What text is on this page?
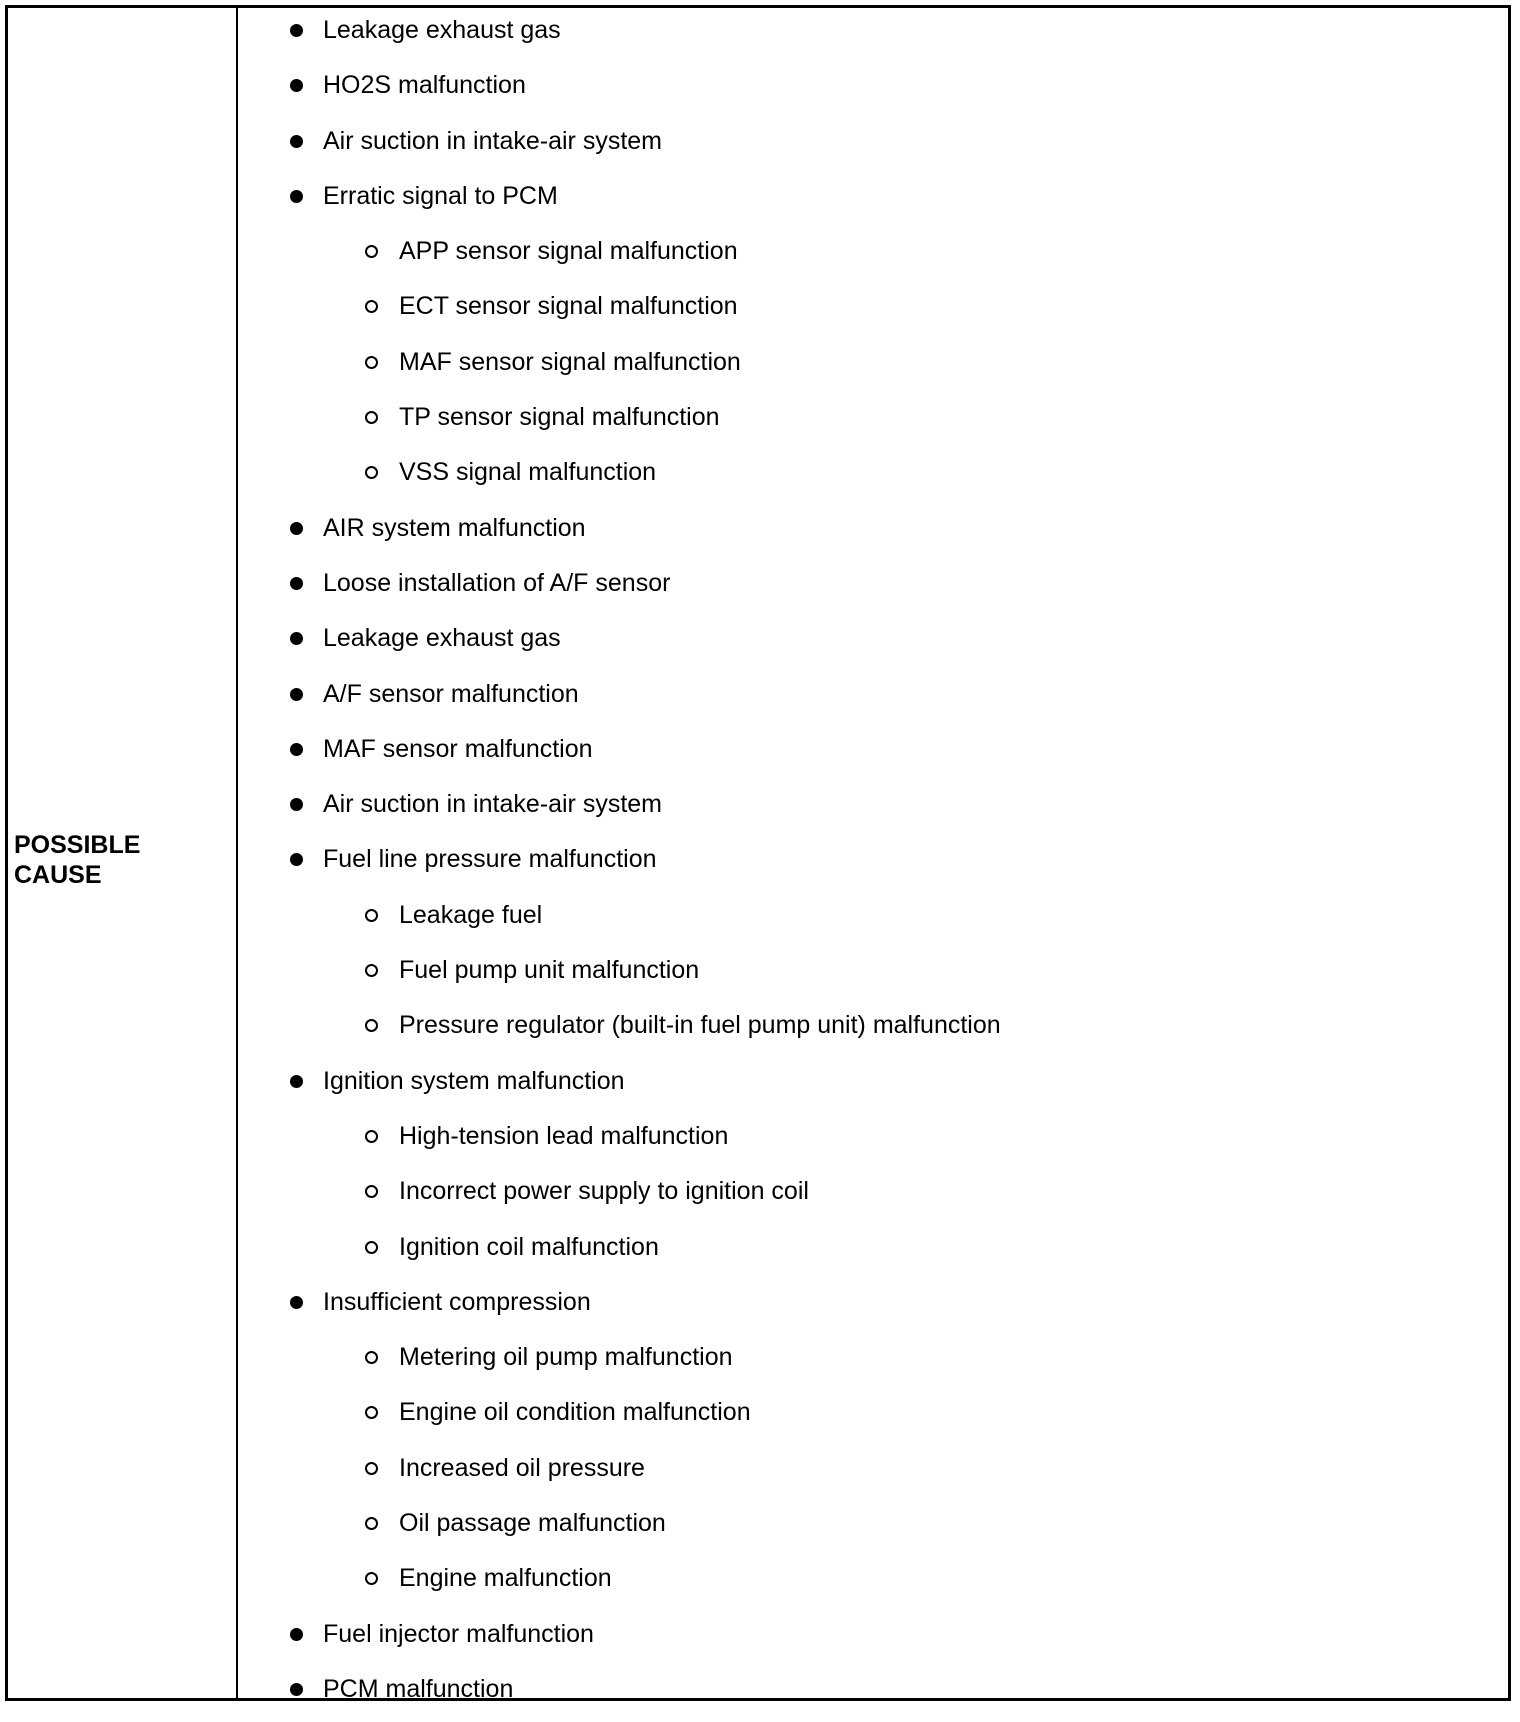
POSSIBLE CAUSE
Leakage exhaust gas
HO2S malfunction
Air suction in intake-air system
Erratic signal to PCM
APP sensor signal malfunction
ECT sensor signal malfunction
MAF sensor signal malfunction
TP sensor signal malfunction
VSS signal malfunction
AIR system malfunction
Loose installation of A/F sensor
Leakage exhaust gas
A/F sensor malfunction
MAF sensor malfunction
Air suction in intake-air system
Fuel line pressure malfunction
Leakage fuel
Fuel pump unit malfunction
Pressure regulator (built-in fuel pump unit) malfunction
Ignition system malfunction
High-tension lead malfunction
Incorrect power supply to ignition coil
Ignition coil malfunction
Insufficient compression
Metering oil pump malfunction
Engine oil condition malfunction
Increased oil pressure
Oil passage malfunction
Engine malfunction
Fuel injector malfunction
PCM malfunction
